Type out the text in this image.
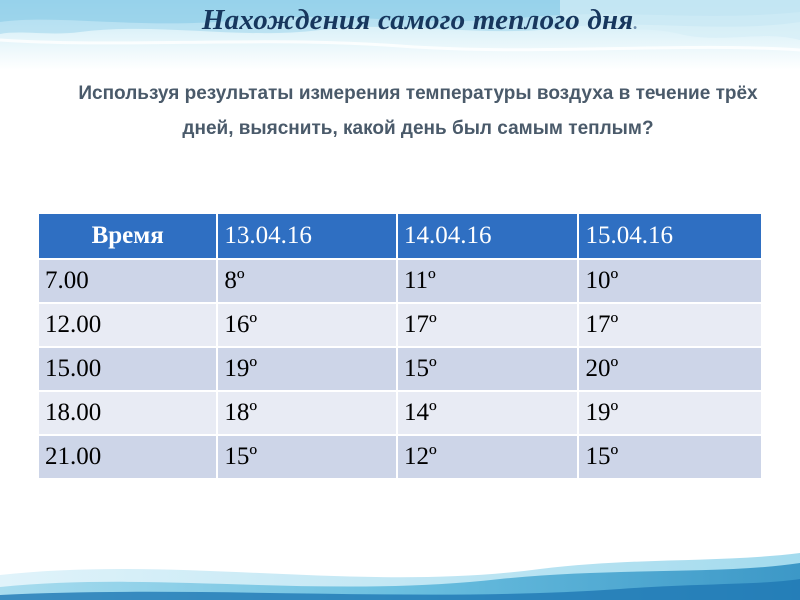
Нахождения самого теплого дня.
Используя результаты измерения температуры воздуха в течение трёх дней, выяснить, какой день был самым теплым?
Время	13.04.16	14.04.16	15.04.16
7.00	8º	11º	10º
12.00	16º	17º	17º
15.00	19º	15º	20º
18.00	18º	14º	19º
21.00	15º	12º	15º
